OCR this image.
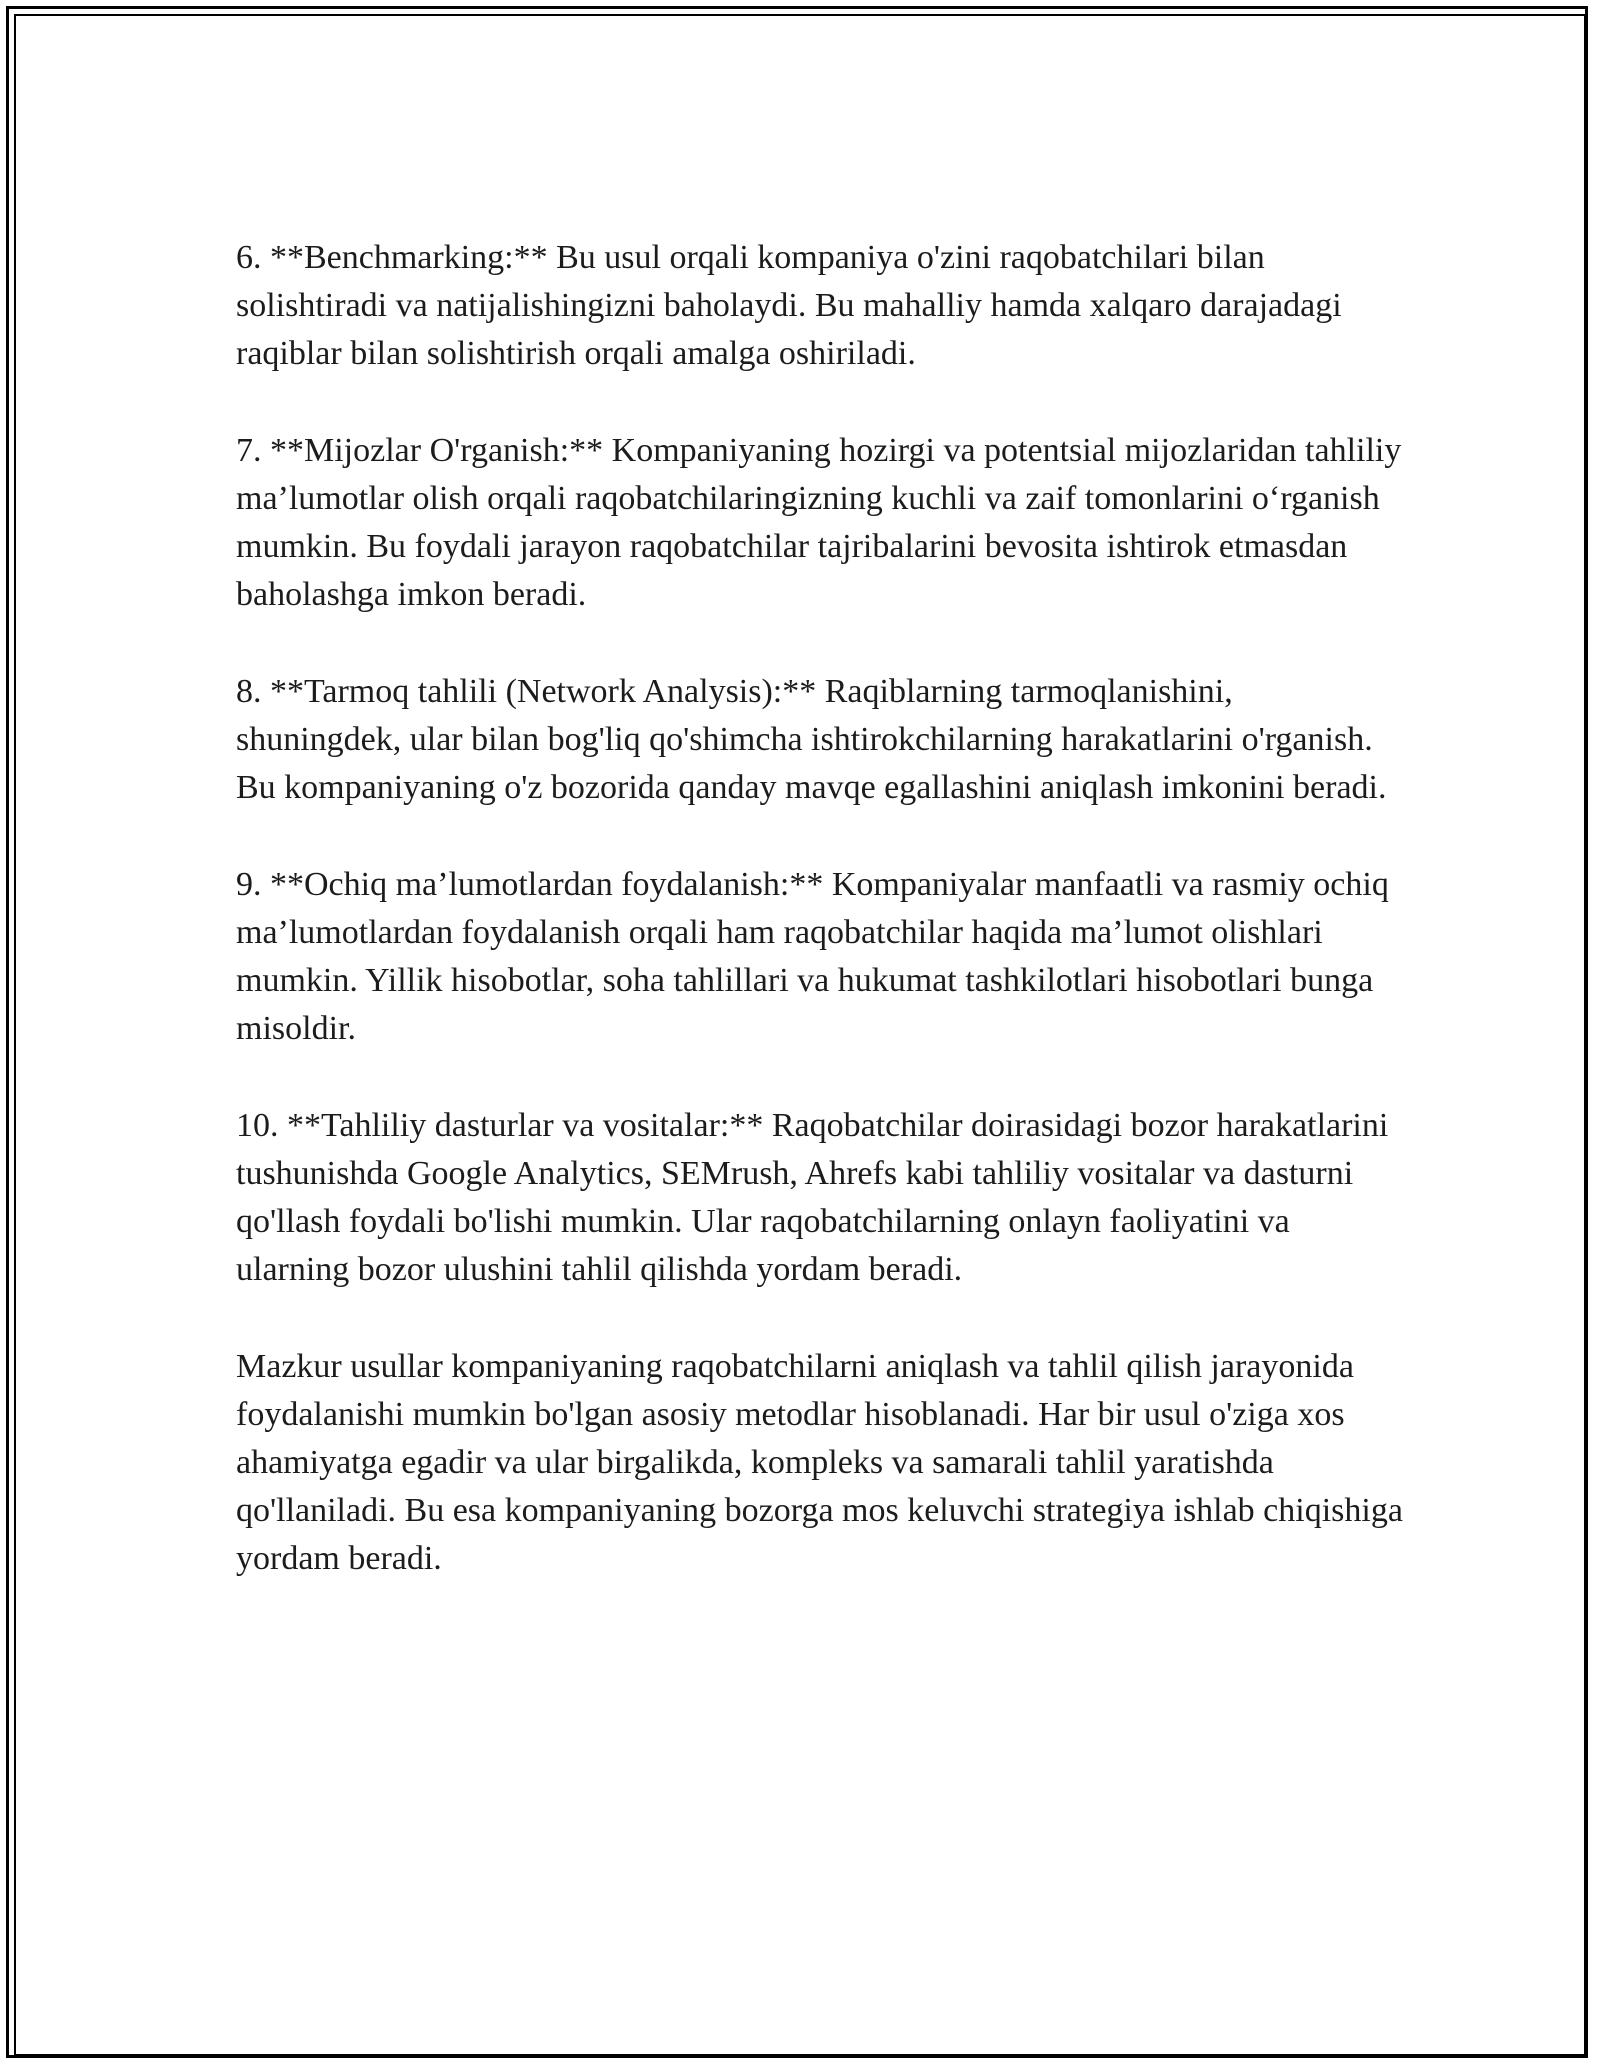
6. **Benchmarking:** Bu usul orqali kompaniya o'zini raqobatchilari bilan solishtiradi va natijalishingizni baholaydi. Bu mahalliy hamda xalqaro darajadagi raqiblar bilan solishtirish orqali amalga oshiriladi.

7. **Mijozlar O'rganish:** Kompaniyaning hozirgi va potentsial mijozlaridan tahliliy ma’lumotlar olish orqali raqobatchilaringizning kuchli va zaif tomonlarini o‘rganish mumkin. Bu foydali jarayon raqobatchilar tajribalarini bevosita ishtirok etmasdan baholashga imkon beradi.

8. **Tarmoq tahlili (Network Analysis):** Raqiblarning tarmoqlanishini, shuningdek, ular bilan bog'liq qo'shimcha ishtirokchilarning harakatlarini o'rganish. Bu kompaniyaning o'z bozorida qanday mavqe egallashini aniqlash imkonini beradi.

9. **Ochiq ma’lumotlardan foydalanish:** Kompaniyalar manfaatli va rasmiy ochiq ma’lumotlardan foydalanish orqali ham raqobatchilar haqida ma’lumot olishlari mumkin. Yillik hisobotlar, soha tahlillari va hukumat tashkilotlari hisobotlari bunga misoldir.

10. **Tahliliy dasturlar va vositalar:** Raqobatchilar doirasidagi bozor harakatlarini tushunishda Google Analytics, SEMrush, Ahrefs kabi tahliliy vositalar va dasturni qo'llash foydali bo'lishi mumkin. Ular raqobatchilarning onlayn faoliyatini va ularning bozor ulushini tahlil qilishda yordam beradi.

Mazkur usullar kompaniyaning raqobatchilarni aniqlash va tahlil qilish jarayonida foydalanishi mumkin bo'lgan asosiy metodlar hisoblanadi. Har bir usul o'ziga xos ahamiyatga egadir va ular birgalikda, kompleks va samarali tahlil yaratishda qo'llaniladi. Bu esa kompaniyaning bozorga mos keluvchi strategiya ishlab chiqishiga yordam beradi.
